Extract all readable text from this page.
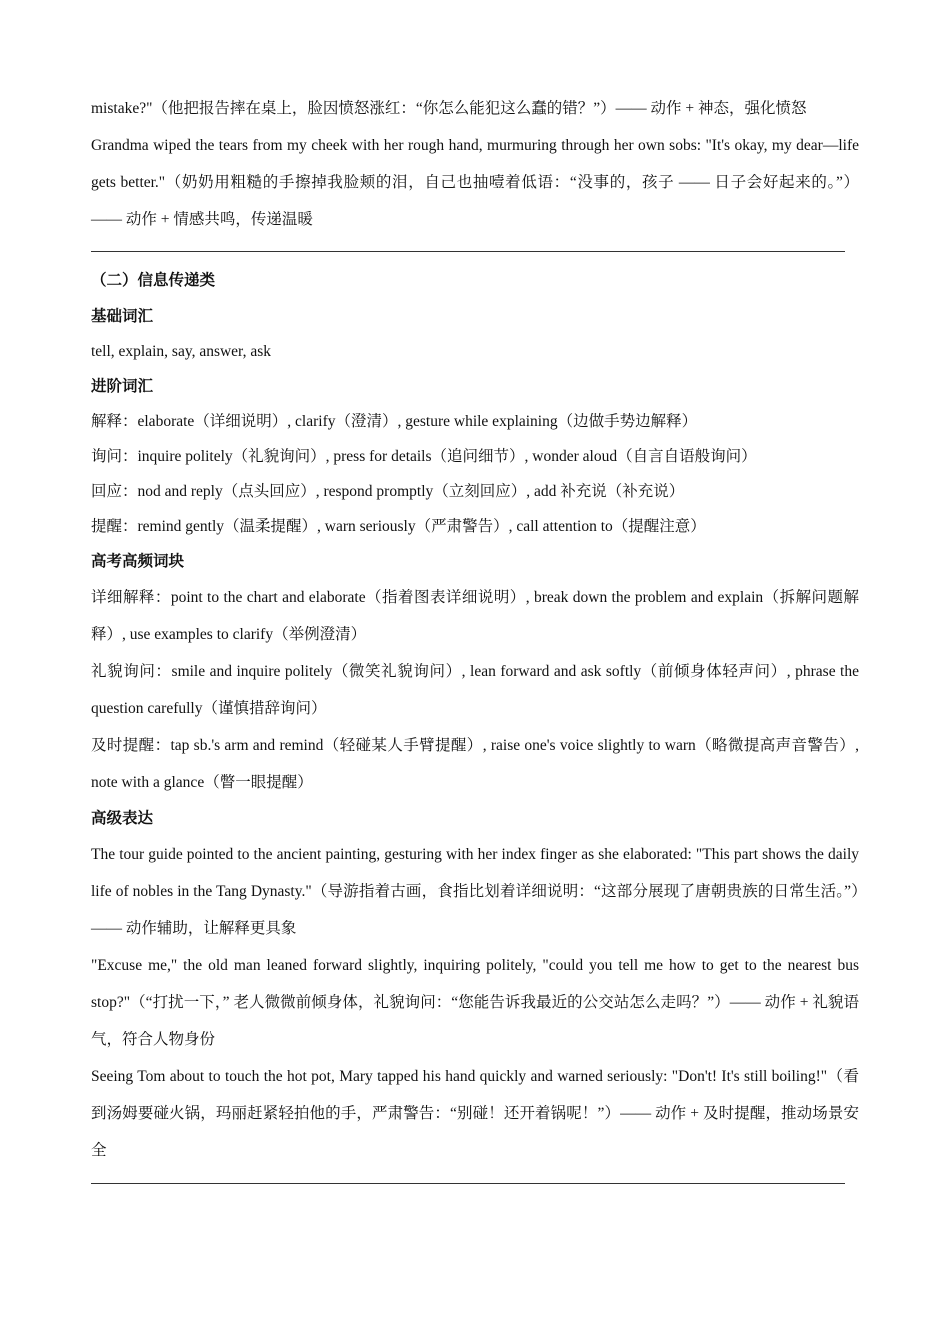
mistake?"（他把报告摔在桌上，脸因愤怒涨红：“你怎么能犯这么蠢的错？”）—— 动作 + 神态，强化愤怒

Grandma wiped the tears from my cheek with her rough hand, murmuring through her own sobs: "It's okay, my dear—life gets better."（奶奶用粗糙的手擦掉我脸颊的泪，自己也抽噎着低语：“没事的，孩子 —— 日子会好起来的。”）—— 动作 + 情感共鸣，传递温暖

（二）信息传递类

基础词汇

tell, explain, say, answer, ask

进阶词汇

解释：elaborate（详细说明）, clarify（澄清）, gesture while explaining（边做手势边解释）

询问：inquire politely（礼貌询问）, press for details（追问细节）, wonder aloud（自言自语般询问）

回应：nod and reply（点头回应）, respond promptly（立刻回应）, add 补充说（补充说）

提醒：remind gently（温柔提醒）, warn seriously（严肃警告）, call attention to（提醒注意）

高考高频词块

详细解释：point to the chart and elaborate（指着图表详细说明）, break down the problem and explain（拆解问题解释）, use examples to clarify（举例澄清）

礼貌询问：smile and inquire politely（微笑礼貌询问）, lean forward and ask softly（前倾身体轻声问）, phrase the question carefully（谨慎措辞询问）

及时提醒：tap sb.'s arm and remind（轻碰某人手臂提醒）, raise one's voice slightly to warn（略微提高声音警告）, note with a glance（瞥一眼提醒）

高级表达

The tour guide pointed to the ancient painting, gesturing with her index finger as she elaborated: "This part shows the daily life of nobles in the Tang Dynasty."（导游指着古画，食指比划着详细说明：“这部分展现了唐朝贵族的日常生活。”）—— 动作辅助，让解释更具象

"Excuse me," the old man leaned forward slightly, inquiring politely, "could you tell me how to get to the nearest bus stop?"（“打扰一下，” 老人微微前倾身体，礼貌询问：“您能告诉我最近的公交站怎么走吗？”）—— 动作 + 礼貌语气，符合人物身份

Seeing Tom about to touch the hot pot, Mary tapped his hand quickly and warned seriously: "Don't! It's still boiling!"（看到汤姆要碰火锅，玛丽赶紧轻拍他的手，严肃警告：“别碰！还开着锅呢！”）—— 动作 + 及时提醒，推动场景安全
